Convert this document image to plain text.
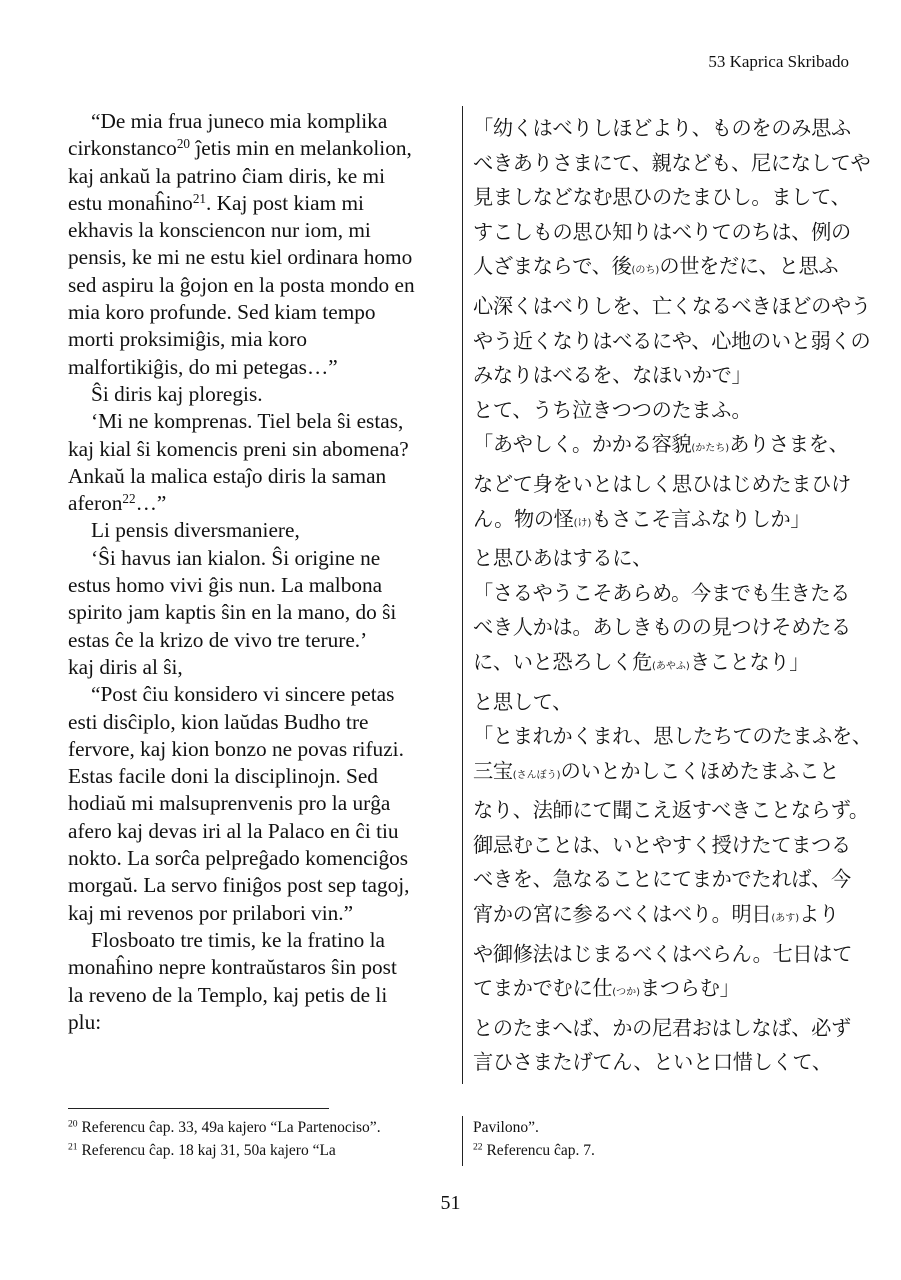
53 Kaprica Skribado

“De mia frua juneco mia komplika

cirkonstanco$^{20}$ ĵetis min en melankolion,

kaj ankaŭ la patrino ĉiam diris, ke mi

estu monaĥino$^{21}$. Kaj post kiam mi

ekhavis la konsciencon nur iom, mi

pensis, ke mi ne estu kiel ordinara homo

sed aspiru la ĝojon en la posta mondo en

mia koro profunde. Sed kiam tempo

morti proksimiĝis, mia koro

malfortikiĝis, do mi petegas…”

Ŝi diris kaj ploregis.

‘Mi ne komprenas. Tiel bela ŝi estas,

kaj kial ŝi komencis preni sin abomena?

Ankaŭ la malica estaĵo diris la saman

aferon$^{22}$…”

Li pensis diversmaniere,

‘Ŝi havus ian kialon. Ŝi origine ne

estus homo vivi ĝis nun. La malbona

spirito jam kaptis ŝin en la mano, do ŝi

estas ĉe la krizo de vivo tre terure.’

kaj diris al ŝi,

“Post ĉiu konsidero vi sincere petas

esti disĉiplo, kion laŭdas Budho tre

fervore, kaj kion bonzo ne povas rifuzi.

Estas facile doni la disciplinojn. Sed

hodiaŭ mi malsuprenvenis pro la urĝa

afero kaj devas iri al la Palaco en ĉi tiu

nokto. La sorĉa pelpreĝado komenciĝos

morgaŭ. La servo finiĝos post sep tagoj,

kaj mi revenos por prilabori vin.”

Flosboato tre timis, ke la fratino la

monaĥino nepre kontraŭstaros ŝin post

la reveno de la Templo, kaj petis de li

plu:

「幼くはべりしほどより、ものをのみ思ふ

べきありさまにて、親なども、尼になしてや

見ましなどなむ思ひのたまひし。まして、

すこしもの思ひ知りはべりてのちは、例の

人ざまならで、後(のち)の世をだに、と思ふ

心深くはべりしを、亡くなるべきほどのやう

やう近くなりはべるにや、心地のいと弱くの

みなりはべるを、なほいかで」

とて、うち泣きつつのたまふ。

「あやしく。かかる容貌(かたち)ありさまを、

などて身をいとはしく思ひはじめたまひけ

ん。物の怪(け)もさこそ言ふなりしか」

と思ひあはするに、

「さるやうこそあらめ。今までも生きたる

べき人かは。あしきものの見つけそめたる

に、いと恐ろしく危(あやふ)きことなり」

と思して、

「とまれかくまれ、思したちてのたまふを、

三宝(さんぼう)のいとかしこくほめたまふこと

なり、法師にて聞こえ返すべきことならず。

御忌むことは、いとやすく授けたてまつる

べきを、急なることにてまかでたれば、今

宵かの宮に参るべくはべり。明日(あす)より

や御修法はじまるべくはべらん。七日はて

てまかでむに仕(つか)まつらむ」

とのたまへば、かの尼君おはしなば、必ず

言ひさまたげてん、といと口惜しくて、

$^{20}$ Referencu ĉap. 33, 49a kajero “La Partenociso”.

$^{21}$ Referencu ĉap. 18 kaj 31, 50a kajero “La

Pavilono”.

$^{22}$ Referencu ĉap. 7.

51
